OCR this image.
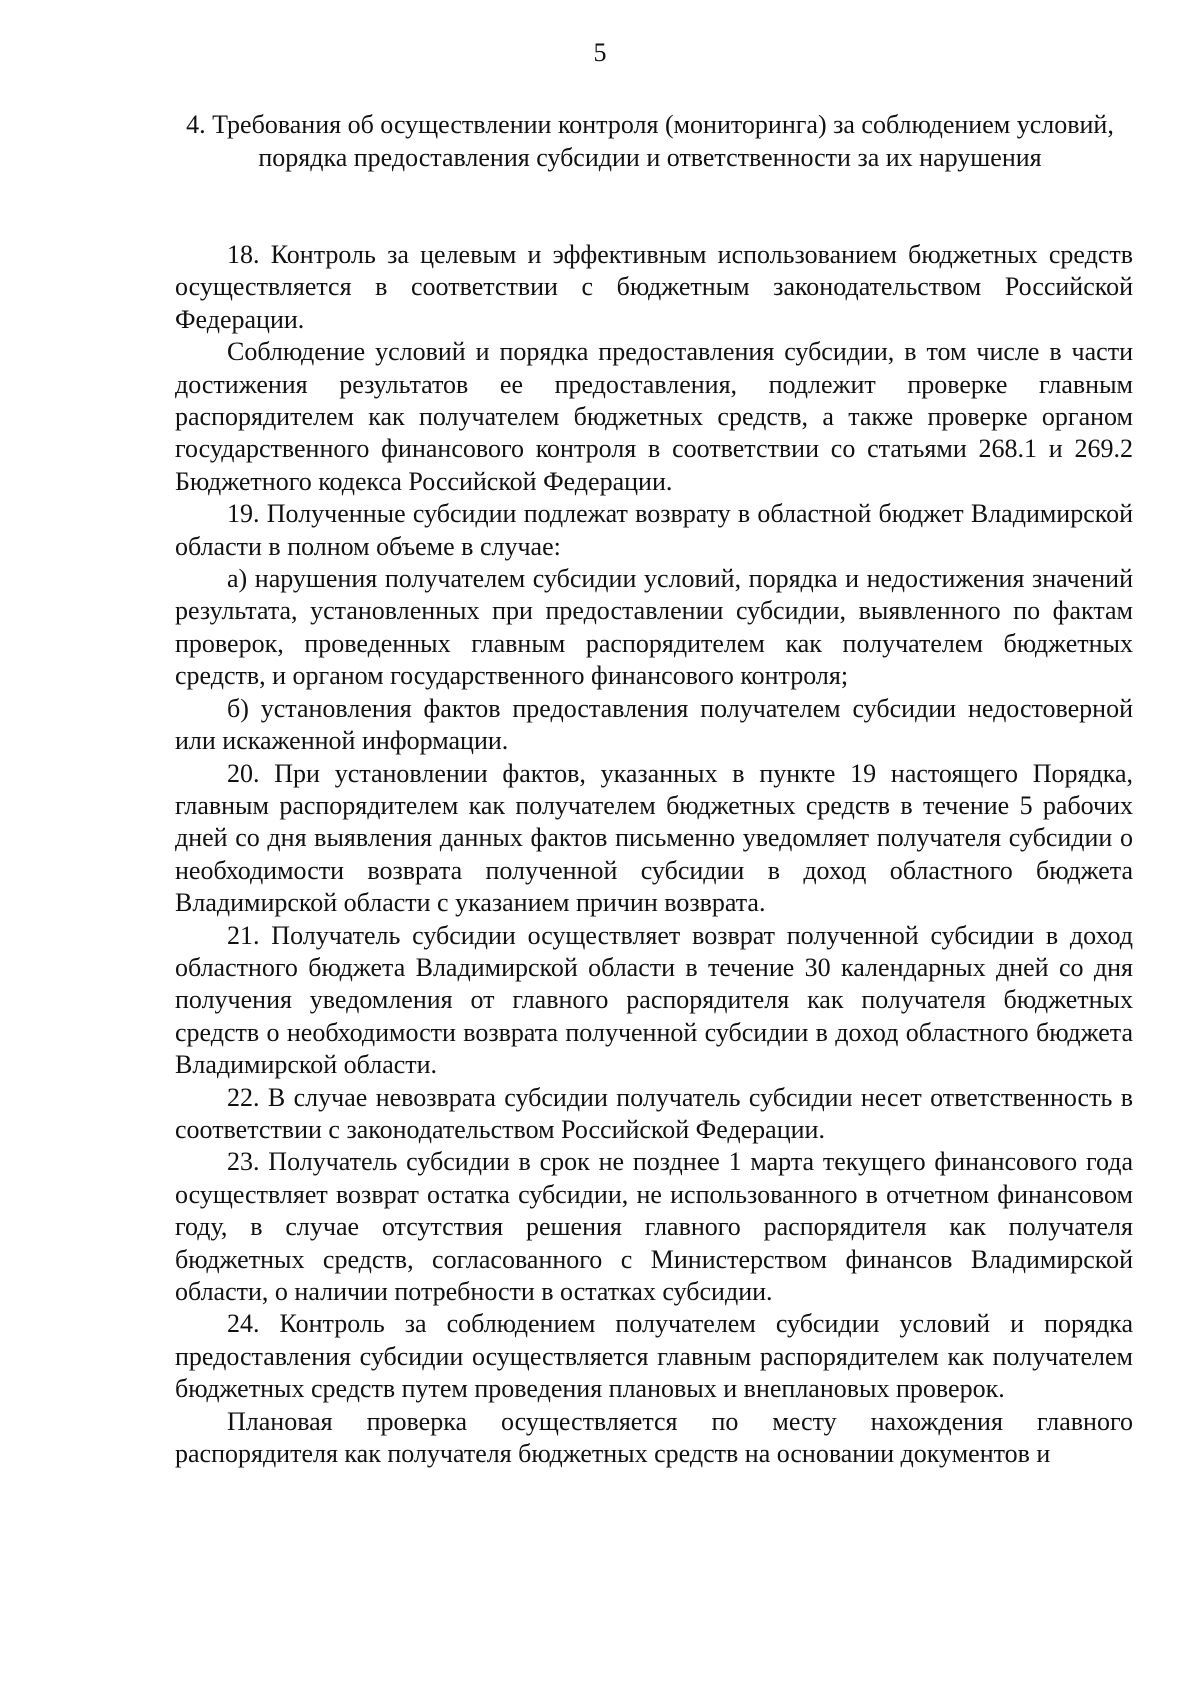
5
4. Требования об осуществлении контроля (мониторинга) за соблюдением условий, порядка предоставления субсидии и ответственности за их нарушения

18. Контроль за целевым и эффективным использованием бюджетных средств осуществляется в соответствии с бюджетным законодательством Российской Федерации.

Соблюдение условий и порядка предоставления субсидии, в том числе в части достижения результатов ее предоставления, подлежит проверке главным распорядителем как получателем бюджетных средств, а также проверке органом государственного финансового контроля в соответствии со статьями 268.1 и 269.2 Бюджетного кодекса Российской Федерации.

19. Полученные субсидии подлежат возврату в областной бюджет Владимирской области в полном объеме в случае:

а) нарушения получателем субсидии условий, порядка и недостижения значений результата, установленных при предоставлении субсидии, выявленного по фактам проверок, проведенных главным распорядителем как получателем бюджетных средств, и органом государственного финансового контроля;

б) установления фактов предоставления получателем субсидии недостоверной или искаженной информации.

20. При установлении фактов, указанных в пункте 19 настоящего Порядка, главным распорядителем как получателем бюджетных средств в течение 5 рабочих дней со дня выявления данных фактов письменно уведомляет получателя субсидии о необходимости возврата полученной субсидии в доход областного бюджета Владимирской области с указанием причин возврата.

21. Получатель субсидии осуществляет возврат полученной субсидии в доход областного бюджета Владимирской области в течение 30 календарных дней со дня получения уведомления от главного распорядителя как получателя бюджетных средств о необходимости возврата полученной субсидии в доход областного бюджета Владимирской области.

22. В случае невозврата субсидии получатель субсидии несет ответственность в соответствии с законодательством Российской Федерации.

23. Получатель субсидии в срок не позднее 1 марта текущего финансового года осуществляет возврат остатка субсидии, не использованного в отчетном финансовом году, в случае отсутствия решения главного распорядителя как получателя бюджетных средств, согласованного с Министерством финансов Владимирской области, о наличии потребности в остатках субсидии.

24. Контроль за соблюдением получателем субсидии условий и порядка предоставления субсидии осуществляется главным распорядителем как получателем бюджетных средств путем проведения плановых и внеплановых проверок.

Плановая проверка осуществляется по месту нахождения главного распорядителя как получателя бюджетных средств на основании документов и
